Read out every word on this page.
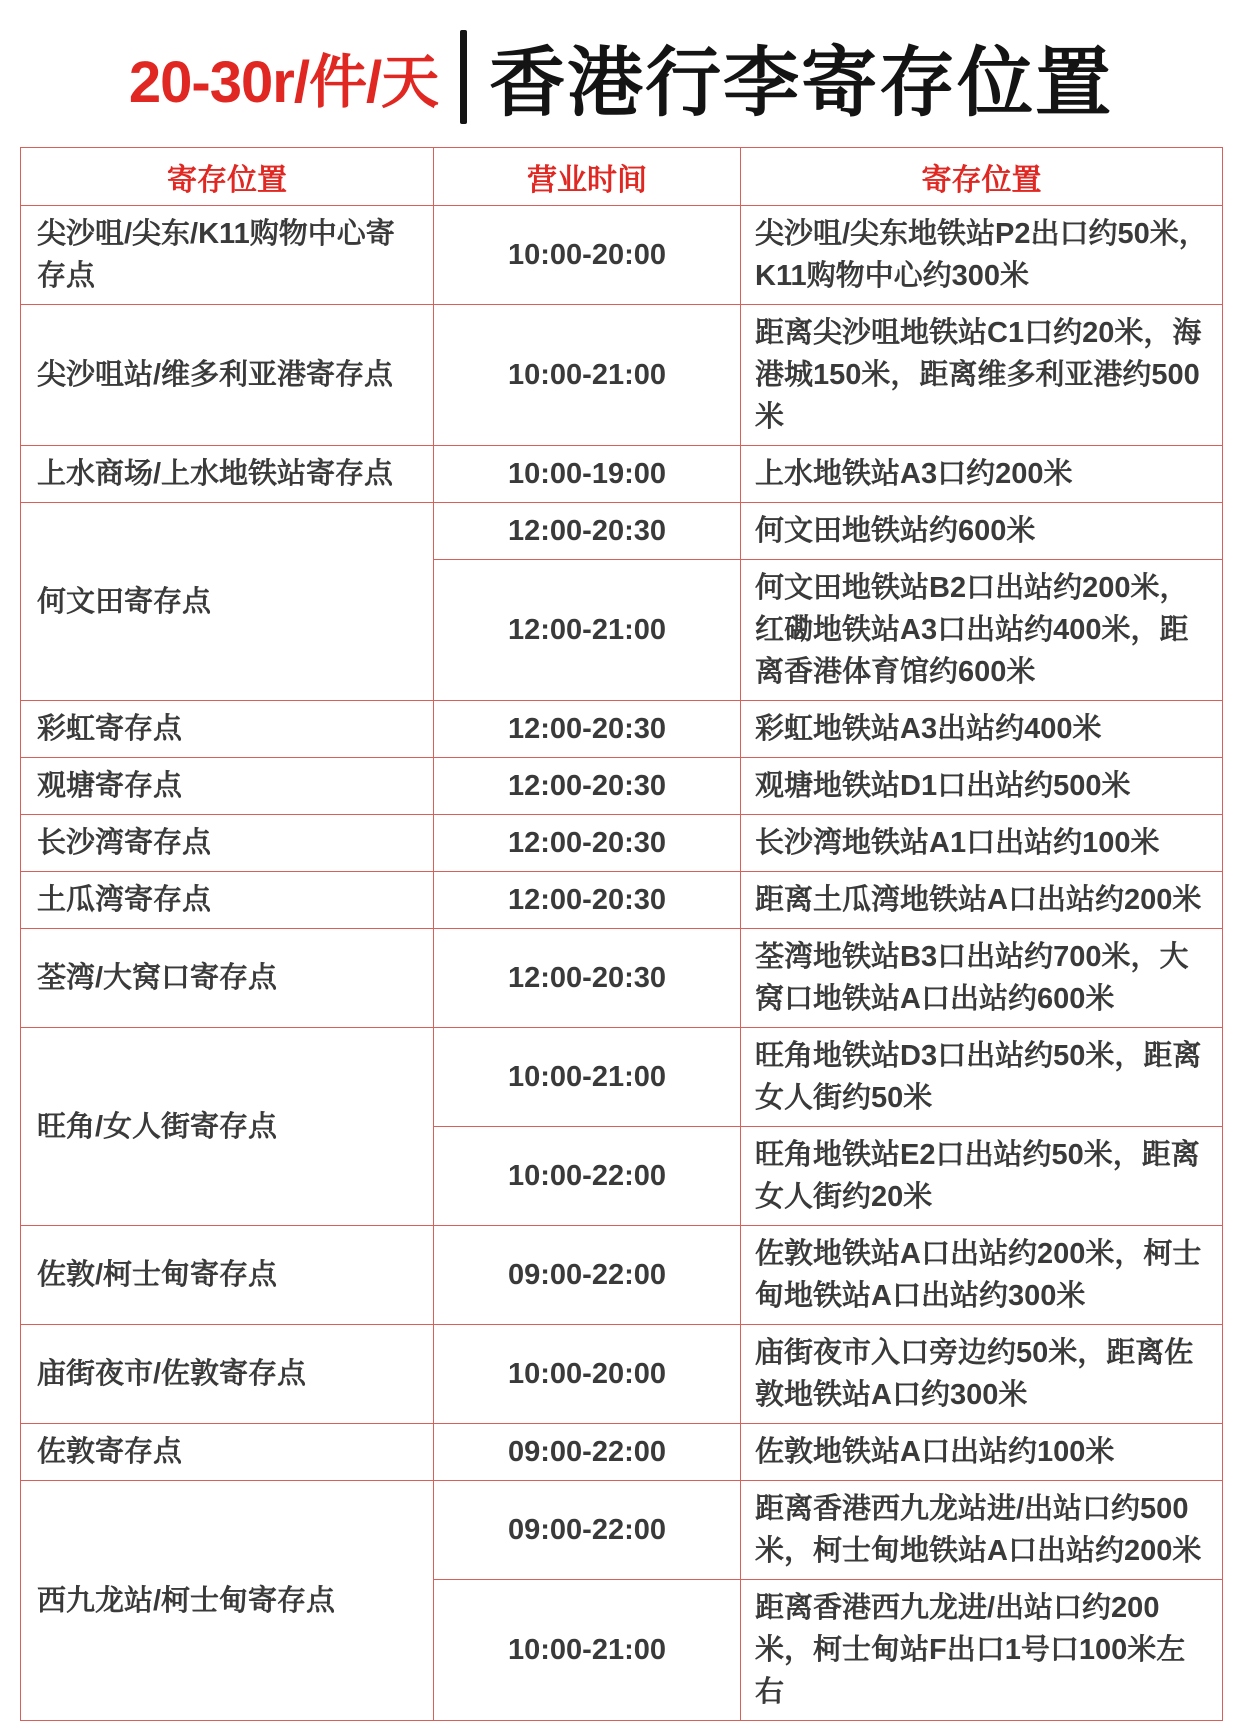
20-30r/件/天 香港行李寄存位置
寄存位置	营业时间	寄存位置
尖沙咀/尖东/K11购物中心寄存点	10:00-20:00	尖沙咀/尖东地铁站P2出口约50米，K11购物中心约300米
尖沙咀站/维多利亚港寄存点	10:00-21:00	距离尖沙咀地铁站C1口约20米，海港城150米，距离维多利亚港约500米
上水商场/上水地铁站寄存点	10:00-19:00	上水地铁站A3口约200米
何文田寄存点	12:00-20:30	何文田地铁站约600米
	12:00-21:00	何文田地铁站B2口出站约200米，红磡地铁站A3口出站约400米，距离香港体育馆约600米
彩虹寄存点	12:00-20:30	彩虹地铁站A3出站约400米
观塘寄存点	12:00-20:30	观塘地铁站D1口出站约500米
长沙湾寄存点	12:00-20:30	长沙湾地铁站A1口出站约100米
土瓜湾寄存点	12:00-20:30	距离土瓜湾地铁站A口出站约200米
荃湾/大窝口寄存点	12:00-20:30	荃湾地铁站B3口出站约700米，大窝口地铁站A口出站约600米
旺角/女人街寄存点	10:00-21:00	旺角地铁站D3口出站约50米，距离女人街约50米
	10:00-22:00	旺角地铁站E2口出站约50米，距离女人街约20米
佐敦/柯士甸寄存点	09:00-22:00	佐敦地铁站A口出站约200米，柯士甸地铁站A口出站约300米
庙街夜市/佐敦寄存点	10:00-20:00	庙街夜市入口旁边约50米，距离佐敦地铁站A口约300米
佐敦寄存点	09:00-22:00	佐敦地铁站A口出站约100米
西九龙站/柯士甸寄存点	09:00-22:00	距离香港西九龙站进/出站口约500米，柯士甸地铁站A口出站约200米
	10:00-21:00	距离香港西九龙进/出站口约200米，柯士甸站F出口1号口100米左右
